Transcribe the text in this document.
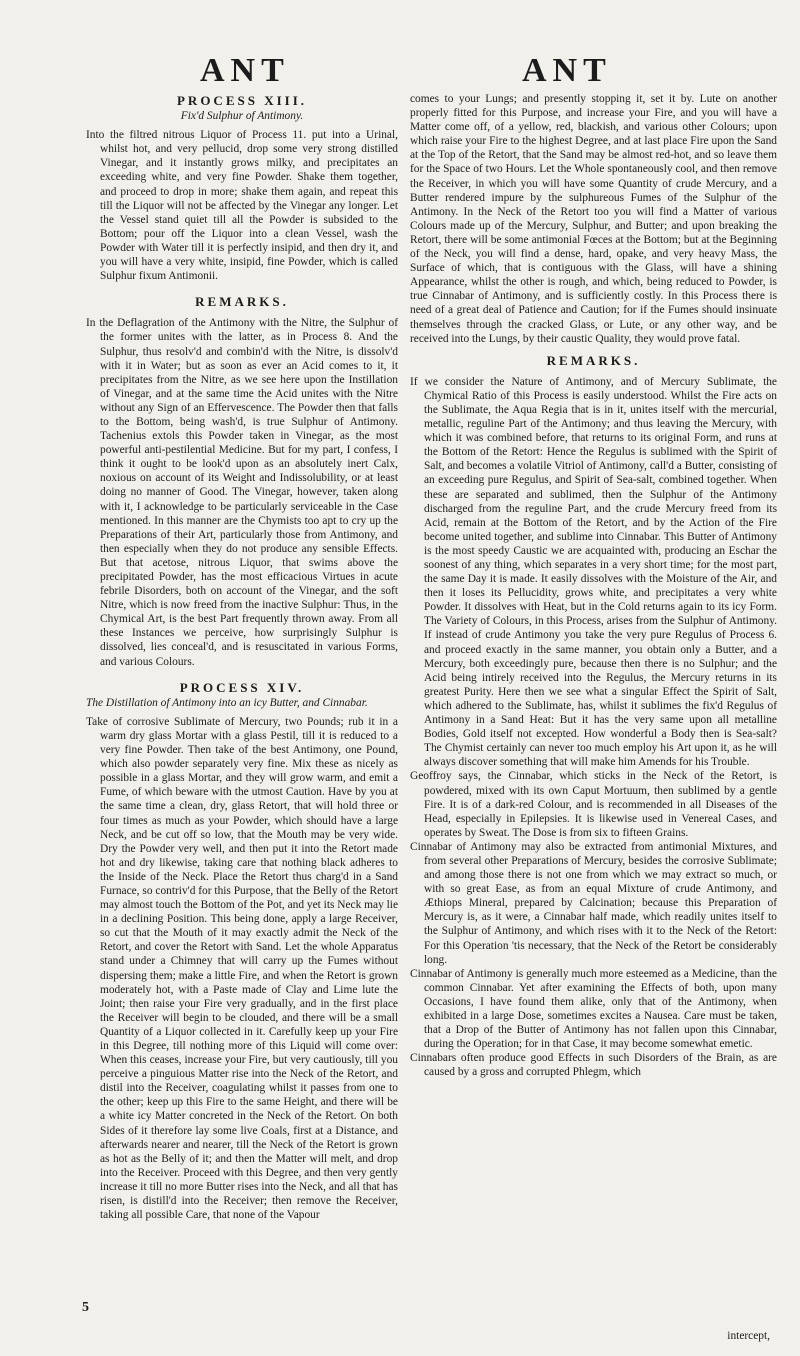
ANT	ANT
PROCESS XIII.
Fix'd Sulphur of Antimony.

Into the filtred nitrous Liquor of Process 11. put into a Urinal, whilst hot, and very pellucid, drop some very strong distilled Vinegar, and it instantly grows milky, and precipitates an exceeding white, and very fine Powder. Shake them together, and proceed to drop in more; shake them again, and repeat this till the Liquor will not be affected by the Vinegar any longer. Let the Vessel stand quiet till all the Powder is subsided to the Bottom; pour off the Liquor into a clean Vessel, wash the Powder with Water till it is perfectly insipid, and then dry it, and you will have a very white, insipid, fine Powder, which is called Sulphur fixum Antimonii.

REMARKS.

In the Deflagration of the Antimony with the Nitre, the Sulphur of the former unites with the latter, as in Process 8. And the Sulphur, thus resolv'd and combin'd with the Nitre, is dissolv'd with it in Water; but as soon as ever an Acid comes to it, it precipitates from the Nitre, as we see here upon the Instillation of Vinegar, and at the same time the Acid unites with the Nitre without any Sign of an Effervescence. The Powder then that falls to the Bottom, being wash'd, is true Sulphur of Antimony. Tachenius extols this Powder taken in Vinegar, as the most powerful anti-pestilential Medicine. But for my part, I confess, I think it ought to be look'd upon as an absolutely inert Calx, noxious on account of its Weight and Indissolubility, or at least doing no manner of Good. The Vinegar, however, taken along with it, I acknowledge to be particularly serviceable in the Case mentioned. In this manner are the Chymists too apt to cry up the Preparations of their Art, particularly those from Antimony, and then especially when they do not produce any sensible Effects. But that acetose, nitrous Liquor, that swims above the precipitated Powder, has the most efficacious Virtues in acute febrile Disorders, both on account of the Vinegar, and the soft Nitre, which is now freed from the inactive Sulphur: Thus, in the Chymical Art, is the best Part frequently thrown away. From all these Instances we perceive, how surprisingly Sulphur is dissolved, lies conceal'd, and is resuscitated in various Forms, and various Colours.

PROCESS XIV.
The Distillation of Antimony into an icy Butter, and Cinnabar.

Take of corrosive Sublimate of Mercury, two Pounds; rub it in a warm dry glass Mortar with a glass Pestil, till it is reduced to a very fine Powder. Then take of the best Antimony, one Pound, which also powder separately very fine. Mix these as nicely as possible in a glass Mortar, and they will grow warm, and emit a Fume, of which beware with the utmost Caution. Have by you at the same time a clean, dry, glass Retort, that will hold three or four times as much as your Powder, which should have a large Neck, and be cut off so low, that the Mouth may be very wide. Dry the Powder very well, and then put it into the Retort made hot and dry likewise, taking care that nothing black adheres to the Inside of the Neck. Place the Retort thus charg'd in a Sand Furnace, so contriv'd for this Purpose, that the Belly of the Retort may almost touch the Bottom of the Pot, and yet its Neck may lie in a declining Position. This being done, apply a large Receiver, so cut that the Mouth of it may exactly admit the Neck of the Retort, and cover the Retort with Sand. Let the whole Apparatus stand under a Chimney that will carry up the Fumes without dispersing them; make a little Fire, and when the Retort is grown moderately hot, with a Paste made of Clay and Lime lute the Joint; then raise your Fire very gradually, and in the first place the Receiver will begin to be clouded, and there will be a small Quantity of a Liquor collected in it. Carefully keep up your Fire in this Degree, till nothing more of this Liquid will come over: When this ceases, increase your Fire, but very cautiously, till you perceive a pinguious Matter rise into the Neck of the Retort, and distil into the Receiver, coagulating whilst it passes from one to the other; keep up this Fire to the same Height, and there will be a white icy Matter concreted in the Neck of the Retort. On both Sides of it therefore lay some live Coals, first at a Distance, and afterwards nearer and nearer, till the Neck of the Retort is grown as hot as the Belly of it; and then the Matter will melt, and drop into the Receiver. Proceed with this Degree, and then very gently increase it till no more Butter rises into the Neck, and all that has risen, is distill'd into the Receiver; then remove the Receiver, taking all possible Care, that none of the Vapour

comes to your Lungs; and presently stopping it, set it by. Lute on another properly fitted for this Purpose, and increase your Fire, and you will have a Matter come off, of a yellow, red, blackish, and various other Colours; upon which raise your Fire to the highest Degree, and at last place Fire upon the Sand at the Top of the Retort, that the Sand may be almost red-hot, and so leave them for the Space of two Hours. Let the Whole spontaneously cool, and then remove the Receiver, in which you will have some Quantity of crude Mercury, and a Butter rendered impure by the sulphureous Fumes of the Sulphur of the Antimony. In the Neck of the Retort too you will find a Matter of various Colours made up of the Mercury, Sulphur, and Butter; and upon breaking the Retort, there will be some antimonial Fœces at the Bottom; but at the Beginning of the Neck, you will find a dense, hard, opake, and very heavy Mass, the Surface of which, that is contiguous with the Glass, will have a shining Appearance, whilst the other is rough, and which, being reduced to Powder, is true Cinnabar of Antimony, and is sufficiently costly. In this Process there is need of a great deal of Patience and Caution; for if the Fumes should insinuate themselves through the cracked Glass, or Lute, or any other way, and be received into the Lungs, by their caustic Quality, they would prove fatal.

REMARKS.

If we consider the Nature of Antimony, and of Mercury Sublimate, the Chymical Ratio of this Process is easily understood. Whilst the Fire acts on the Sublimate, the Aqua Regia that is in it, unites itself with the mercurial, metallic, reguline Part of the Antimony; and thus leaving the Mercury, with which it was combined before, that returns to its original Form, and runs at the Bottom of the Retort: Hence the Regulus is sublimed with the Spirit of Salt, and becomes a volatile Vitriol of Antimony, call'd a Butter, consisting of an exceeding pure Regulus, and Spirit of Sea-salt, combined together. When these are separated and sublimed, then the Sulphur of the Antimony discharged from the reguline Part, and the crude Mercury freed from its Acid, remain at the Bottom of the Retort, and by the Action of the Fire become united together, and sublime into Cinnabar. This Butter of Antimony is the most speedy Caustic we are acquainted with, producing an Eschar the soonest of any thing, which separates in a very short time; for the most part, the same Day it is made. It easily dissolves with the Moisture of the Air, and then it loses its Pellucidity, grows white, and precipitates a very white Powder. It dissolves with Heat, but in the Cold returns again to its icy Form. The Variety of Colours, in this Process, arises from the Sulphur of Antimony. If instead of crude Antimony you take the very pure Regulus of Process 6. and proceed exactly in the same manner, you obtain only a Butter, and a Mercury, both exceedingly pure, because then there is no Sulphur; and the Acid being intirely received into the Regulus, the Mercury returns in its greatest Purity. Here then we see what a singular Effect the Spirit of Salt, which adhered to the Sublimate, has, whilst it sublimes the fix'd Regulus of Antimony in a Sand Heat: But it has the very same upon all metalline Bodies, Gold itself not excepted. How wonderful a Body then is Sea-salt? The Chymist certainly can never too much employ his Art upon it, as he will always discover something that will make him Amends for his Trouble.

Geoffroy says, the Cinnabar, which sticks in the Neck of the Retort, is powdered, mixed with its own Caput Mortuum, then sublimed by a gentle Fire. It is of a dark-red Colour, and is recommended in all Diseases of the Head, especially in Epilepsies. It is likewise used in Venereal Cases, and operates by Sweat. The Dose is from six to fifteen Grains.

Cinnabar of Antimony may also be extracted from antimonial Mixtures, and from several other Preparations of Mercury, besides the corrosive Sublimate; and among those there is not one from which we may extract so much, or with so great Ease, as from an equal Mixture of crude Antimony, and Æthiops Mineral, prepared by Calcination; because this Preparation of Mercury is, as it were, a Cinnabar half made, which readily unites itself to the Sulphur of Antimony, and which rises with it to the Neck of the Retort: For this Operation 'tis necessary, that the Neck of the Retort be considerably long.

Cinnabar of Antimony is generally much more esteemed as a Medicine, than the common Cinnabar. Yet after examining the Effects of both, upon many Occasions, I have found them alike, only that of the Antimony, when exhibited in a large Dose, sometimes excites a Nausea. Care must be taken, that a Drop of the Butter of Antimony has not fallen upon this Cinnabar, during the Operation; for in that Case, it may become somewhat emetic.

Cinnabars often produce good Effects in such Disorders of the Brain, as are caused by a gross and corrupted Phlegm, which

5
intercept,
